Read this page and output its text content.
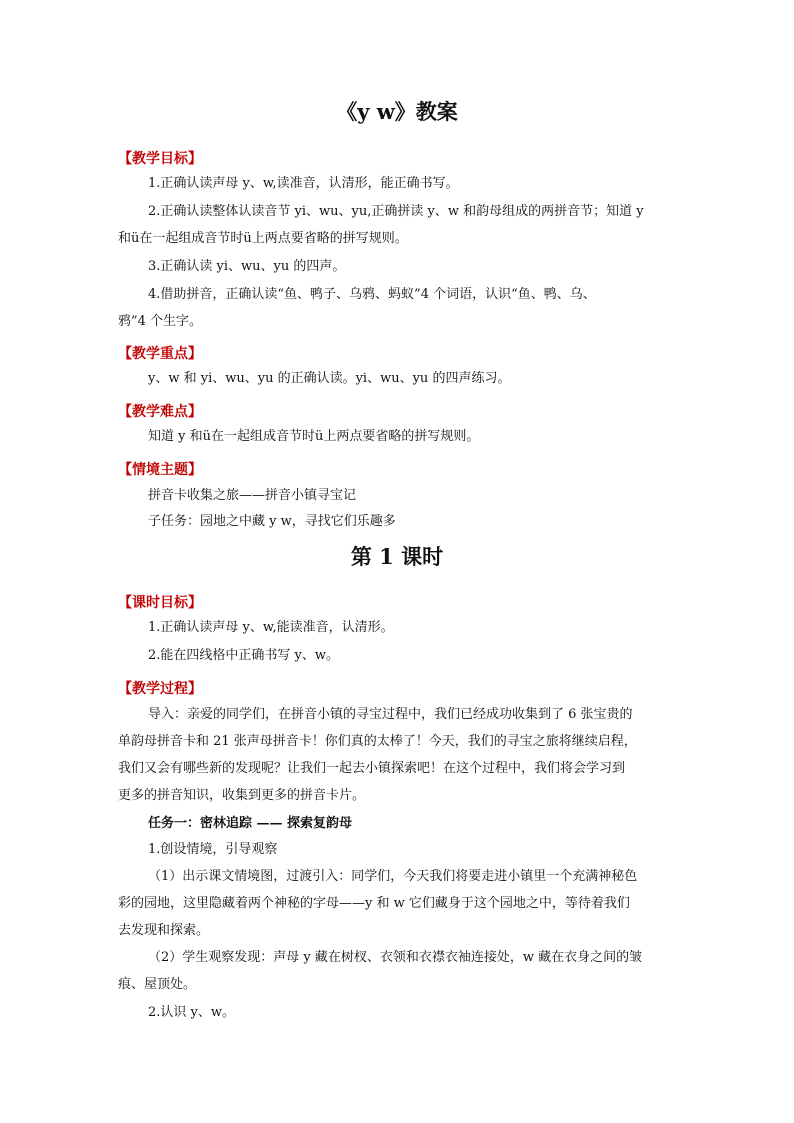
《y w》教案

【教学目标】

1.正确认读声母 y、w,读准音，认清形，能正确书写。

2.正确认读整体认读音节 yi、wu、yu,正确拼读 y、w 和韵母组成的两拼音节；知道 y

和ü在一起组成音节时ü上两点要省略的拼写规则。

3.正确认读 yi、wu、yu 的四声。

4.借助拼音，正确认读“鱼、鸭子、乌鸦、蚂蚁”4 个词语，认识“鱼、鸭、乌、

鸦”4 个生字。

【教学重点】

y、w 和 yi、wu、yu 的正确认读。yi、wu、yu 的四声练习。

【教学难点】

知道 y 和ü在一起组成音节时ü上两点要省略的拼写规则。

【情境主题】

拼音卡收集之旅——拼音小镇寻宝记

子任务：园地之中藏 y w，寻找它们乐趣多

第 1 课时

【课时目标】

1.正确认读声母 y、w,能读准音，认清形。

2.能在四线格中正确书写 y、w。

【教学过程】

导入：亲爱的同学们，在拼音小镇的寻宝过程中，我们已经成功收集到了 6 张宝贵的

单韵母拼音卡和 21 张声母拼音卡！你们真的太棒了！今天，我们的寻宝之旅将继续启程，

我们又会有哪些新的发现呢？让我们一起去小镇探索吧！在这个过程中，我们将会学习到

更多的拼音知识，收集到更多的拼音卡片。

任务一：密林追踪 —— 探索复韵母

1.创设情境，引导观察

（1）出示课文情境图，过渡引入：同学们，今天我们将要走进小镇里一个充满神秘色

彩的园地，这里隐藏着两个神秘的字母——y 和 w 它们藏身于这个园地之中，等待着我们

去发现和探索。

（2）学生观察发现：声母 y 藏在树杈、衣领和衣襟衣袖连接处，w 藏在衣身之间的皱

痕、屋顶处。

2.认识 y、w。
